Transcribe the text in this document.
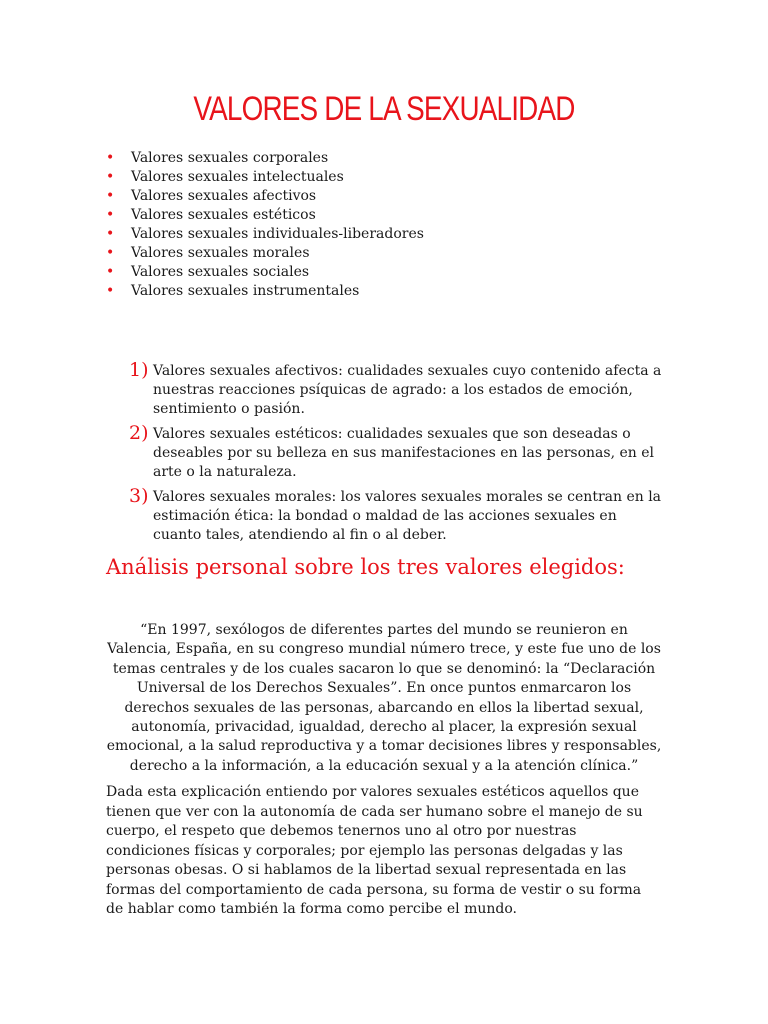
VALORES DE LA SEXUALIDAD
• Valores sexuales corporales
• Valores sexuales intelectuales
• Valores sexuales afectivos
• Valores sexuales estéticos
• Valores sexuales individuales-liberadores
• Valores sexuales morales
• Valores sexuales sociales
• Valores sexuales instrumentales
1) Valores sexuales afectivos: cualidades sexuales cuyo contenido afecta a nuestras reacciones psíquicas de agrado: a los estados de emoción, sentimiento o pasión.
2) Valores sexuales estéticos: cualidades sexuales que son deseadas o deseables por su belleza en sus manifestaciones en las personas, en el arte o la naturaleza.
3) Valores sexuales morales: los valores sexuales morales se centran en la estimación ética: la bondad o maldad de las acciones sexuales en cuanto tales, atendiendo al fin o al deber.
Análisis personal sobre los tres valores elegidos:

“En 1997, sexólogos de diferentes partes del mundo se reunieron en Valencia, España, en su congreso mundial número trece, y este fue uno de los temas centrales y de los cuales sacaron lo que se denominó: la “Declaración Universal de los Derechos Sexuales”. En once puntos enmarcaron los derechos sexuales de las personas, abarcando en ellos la libertad sexual, autonomía, privacidad, igualdad, derecho al placer, la expresión sexual emocional, a la salud reproductiva y a tomar decisiones libres y responsables, derecho a la información, a la educación sexual y a la atención clínica.”

Dada esta explicación entiendo por valores sexuales estéticos aquellos que tienen que ver con la autonomía de cada ser humano sobre el manejo de su cuerpo, el respeto que debemos tenernos uno al otro por nuestras condiciones físicas y corporales; por ejemplo las personas delgadas y las personas obesas. O si hablamos de la libertad sexual representada en las formas del comportamiento de cada persona, su forma de vestir o su forma de hablar como también la forma como percibe el mundo.
